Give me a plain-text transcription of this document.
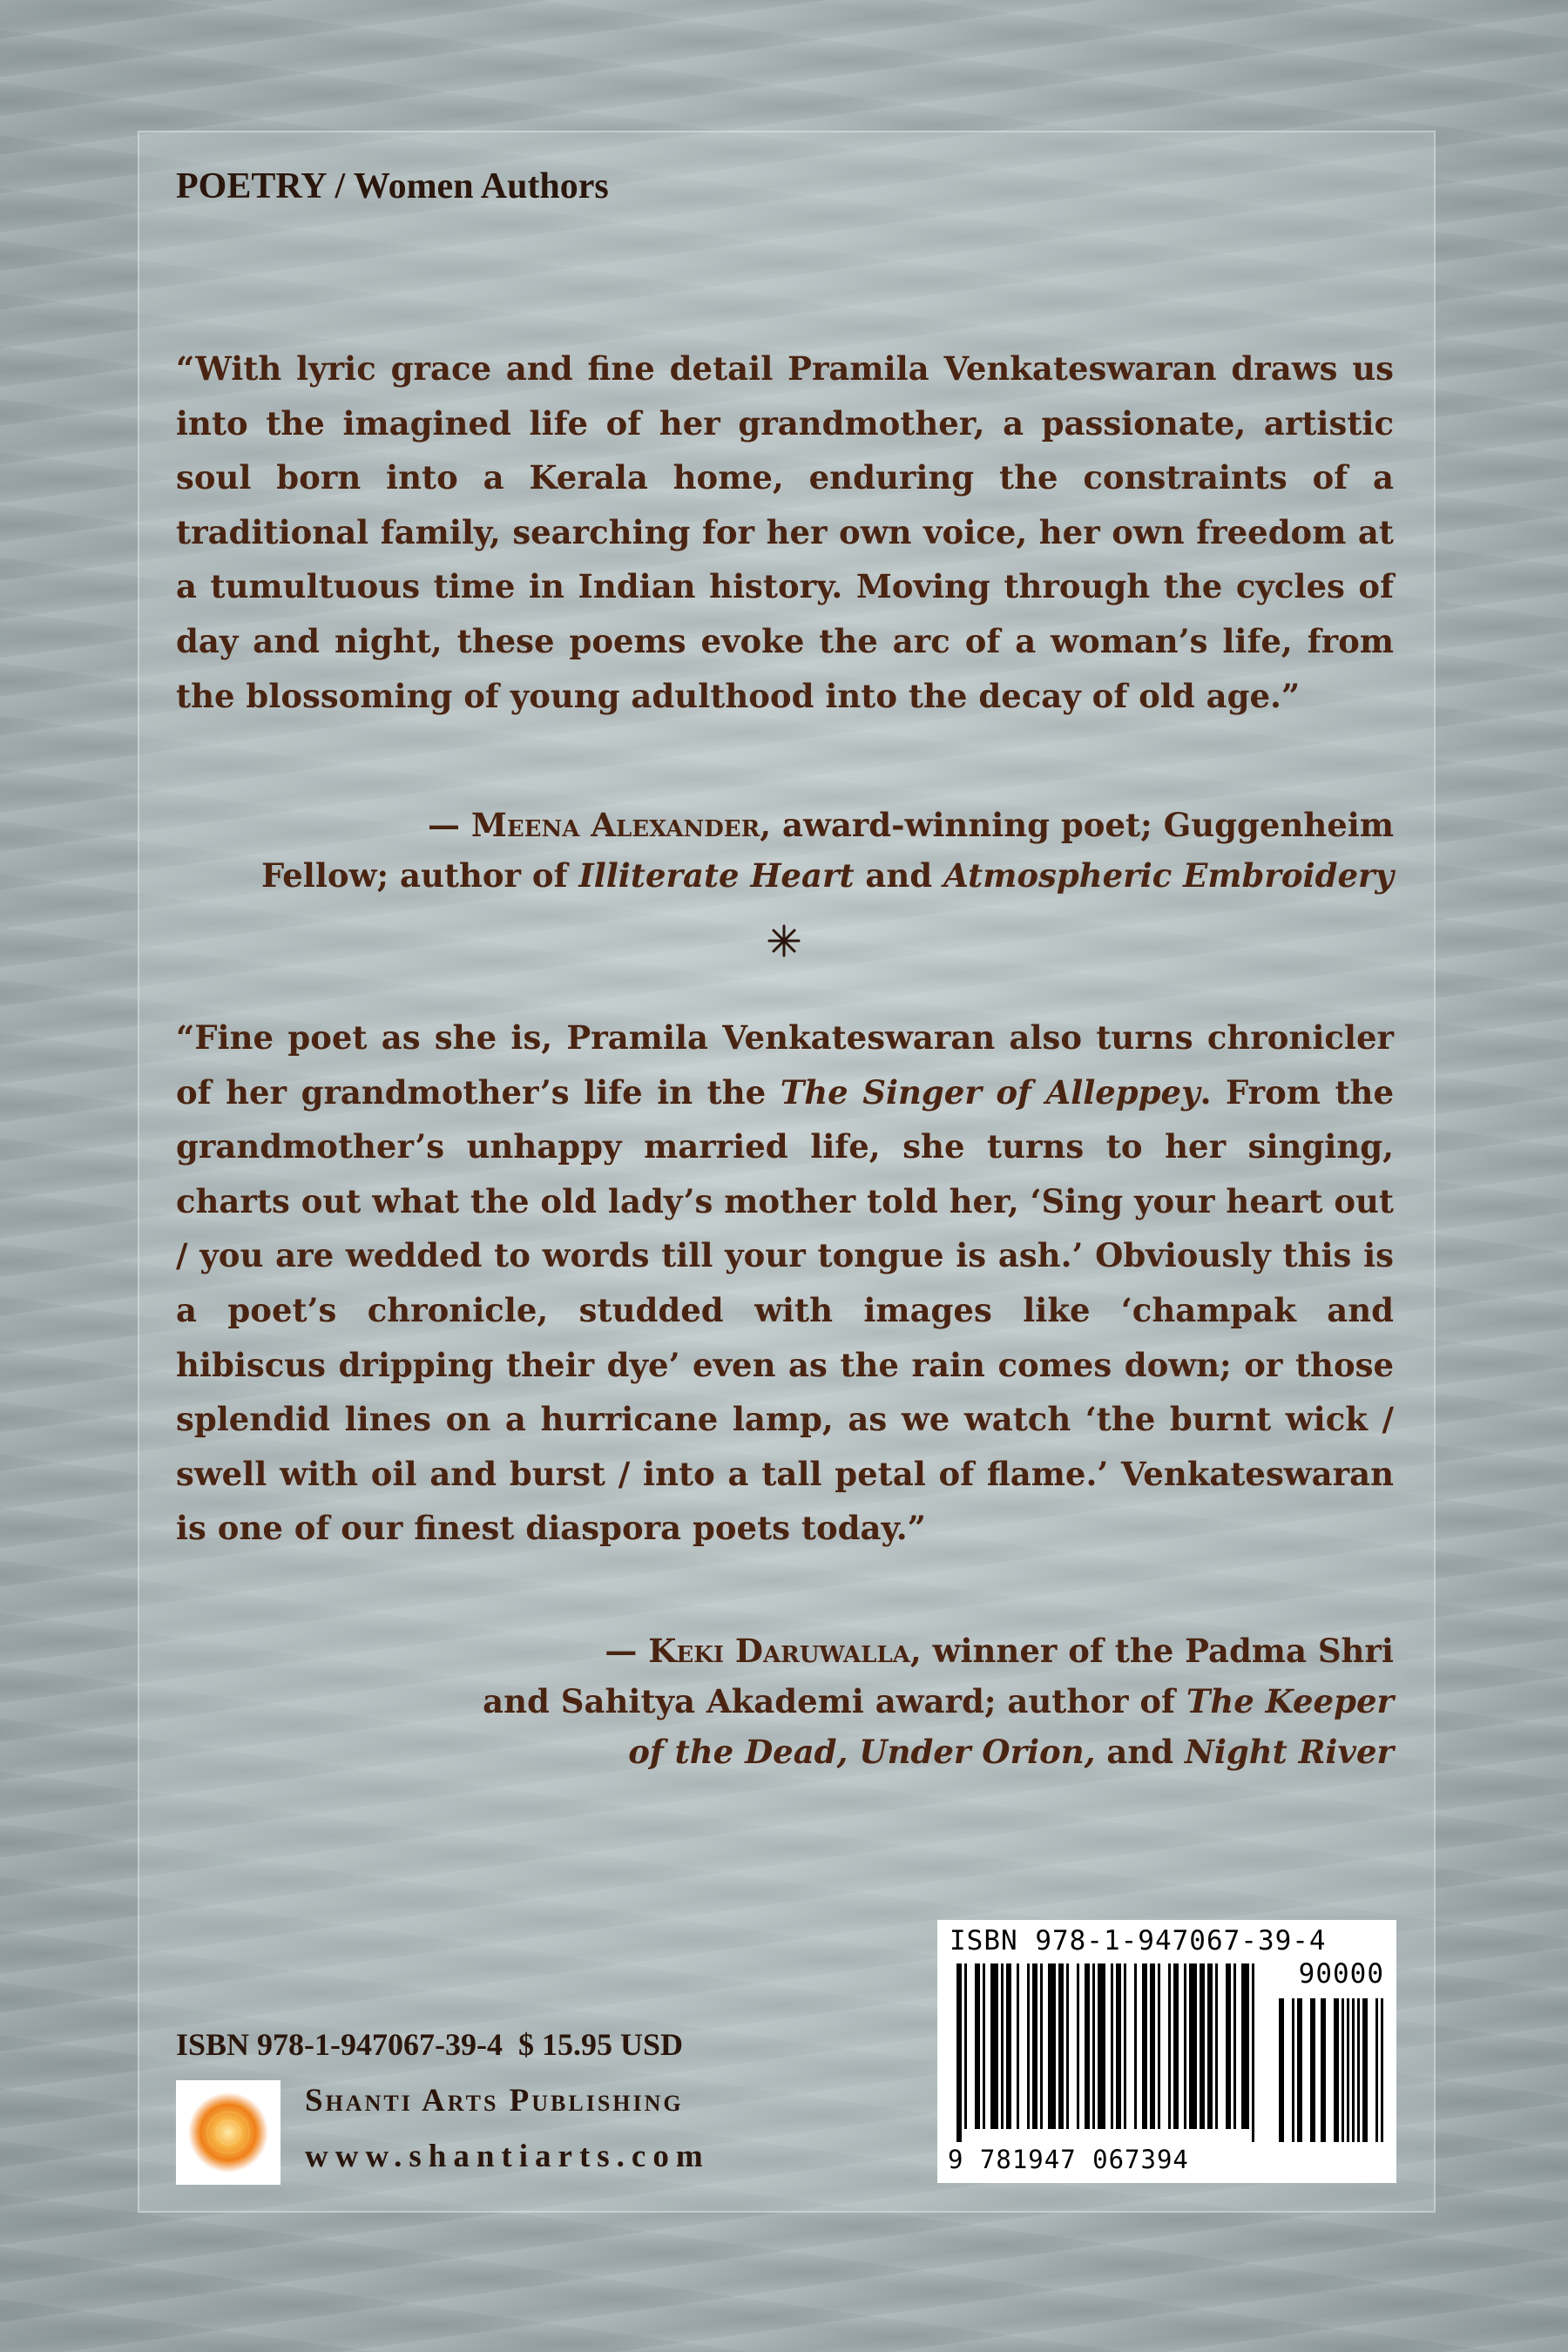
POETRY / Women Authors

“With lyric grace and fine detail Pramila Venkateswaran draws us into the imagined life of her grandmother, a passionate, artistic soul born into a Kerala home, enduring the constraints of a traditional family, searching for her own voice, her own freedom at a tumultuous time in Indian history. Moving through the cycles of day and night, these poems evoke the arc of a woman’s life, from the blossoming of young adulthood into the decay of old age.”

— Meena Alexander, award-winning poet; Guggenheim
Fellow; author of Illiterate Heart and Atmospheric Embroidery

“Fine poet as she is, Pramila Venkateswaran also turns chronicler of her grandmother’s life in the The Singer of Alleppey. From the grandmother’s unhappy married life, she turns to her singing, charts out what the old lady’s mother told her, ‘Sing your heart out / you are wedded to words till your tongue is ash.’ Obviously this is a poet’s chronicle, studded with images like ‘champak and hibiscus dripping their dye’ even as the rain comes down; or those splendid lines on a hurricane lamp, as we watch ‘the burnt wick / swell with oil and burst / into a tall petal of flame.’ Venkateswaran is one of our finest diaspora poets today.”

— Keki Daruwalla, winner of the Padma Shri
and Sahitya Akademi award; author of The Keeper
of the Dead, Under Orion, and Night River
ISBN 978-1-947067-39-4  $ 15.95 USD
Shanti Arts Publishing
www.shantiarts.com
ISBN 978-1-947067-39-4
90000
9 781947 067394
